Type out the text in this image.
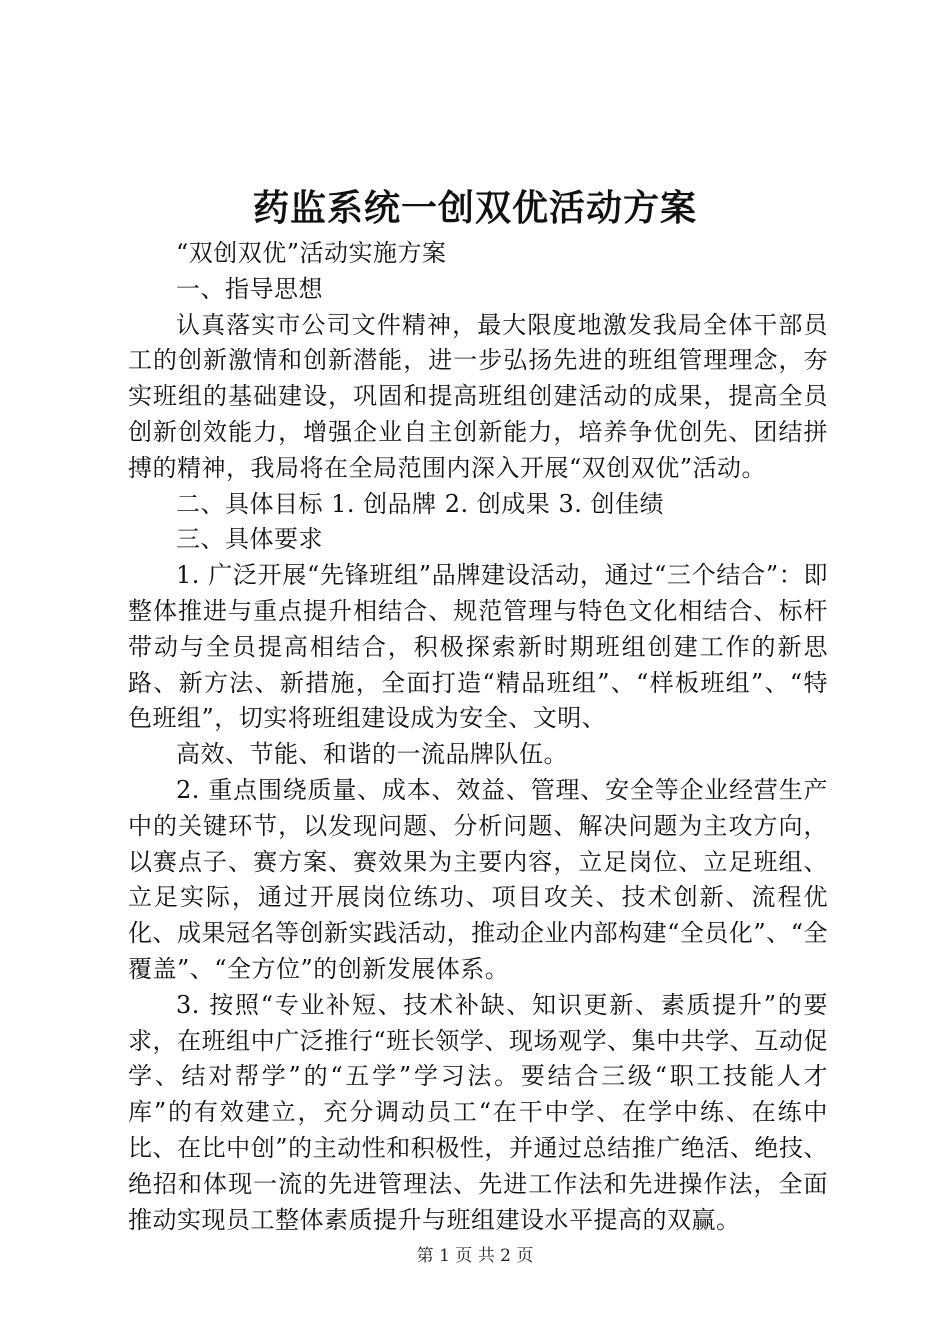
药监系统一创双优活动方案

“双创双优”活动实施方案

一、指导思想

认真落实市公司文件精神，最大限度地激发我局全体干部员工的创新激情和创新潜能，进一步弘扬先进的班组管理理念，夯实班组的基础建设，巩固和提高班组创建活动的成果，提高全员创新创效能力，增强企业自主创新能力，培养争优创先、团结拼搏的精神，我局将在全局范围内深入开展“双创双优”活动。

二、具体目标 1. 创品牌 2. 创成果 3. 创佳绩

三、具体要求

1. 广泛开展“先锋班组”品牌建设活动，通过“三个结合”：即整体推进与重点提升相结合、规范管理与特色文化相结合、标杆带动与全员提高相结合，积极探索新时期班组创建工作的新思路、新方法、新措施，全面打造“精品班组”、“样板班组”、“特色班组”，切实将班组建设成为安全、文明、

高效、节能、和谐的一流品牌队伍。

2. 重点围绕质量、成本、效益、管理、安全等企业经营生产中的关键环节，以发现问题、分析问题、解决问题为主攻方向，以赛点子、赛方案、赛效果为主要内容，立足岗位、立足班组、立足实际，通过开展岗位练功、项目攻关、技术创新、流程优化、成果冠名等创新实践活动，推动企业内部构建“全员化”、“全覆盖”、“全方位”的创新发展体系。

3. 按照“专业补短、技术补缺、知识更新、素质提升”的要求，在班组中广泛推行“班长领学、现场观学、集中共学、互动促学、结对帮学”的“五学”学习法。要结合三级“职工技能人才库”的有效建立，充分调动员工“在干中学、在学中练、在练中比、在比中创”的主动性和积极性，并通过总结推广绝活、绝技、绝招和体现一流的先进管理法、先进工作法和先进操作法，全面推动实现员工整体素质提升与班组建设水平提高的双赢。

第 1 页 共 2 页
